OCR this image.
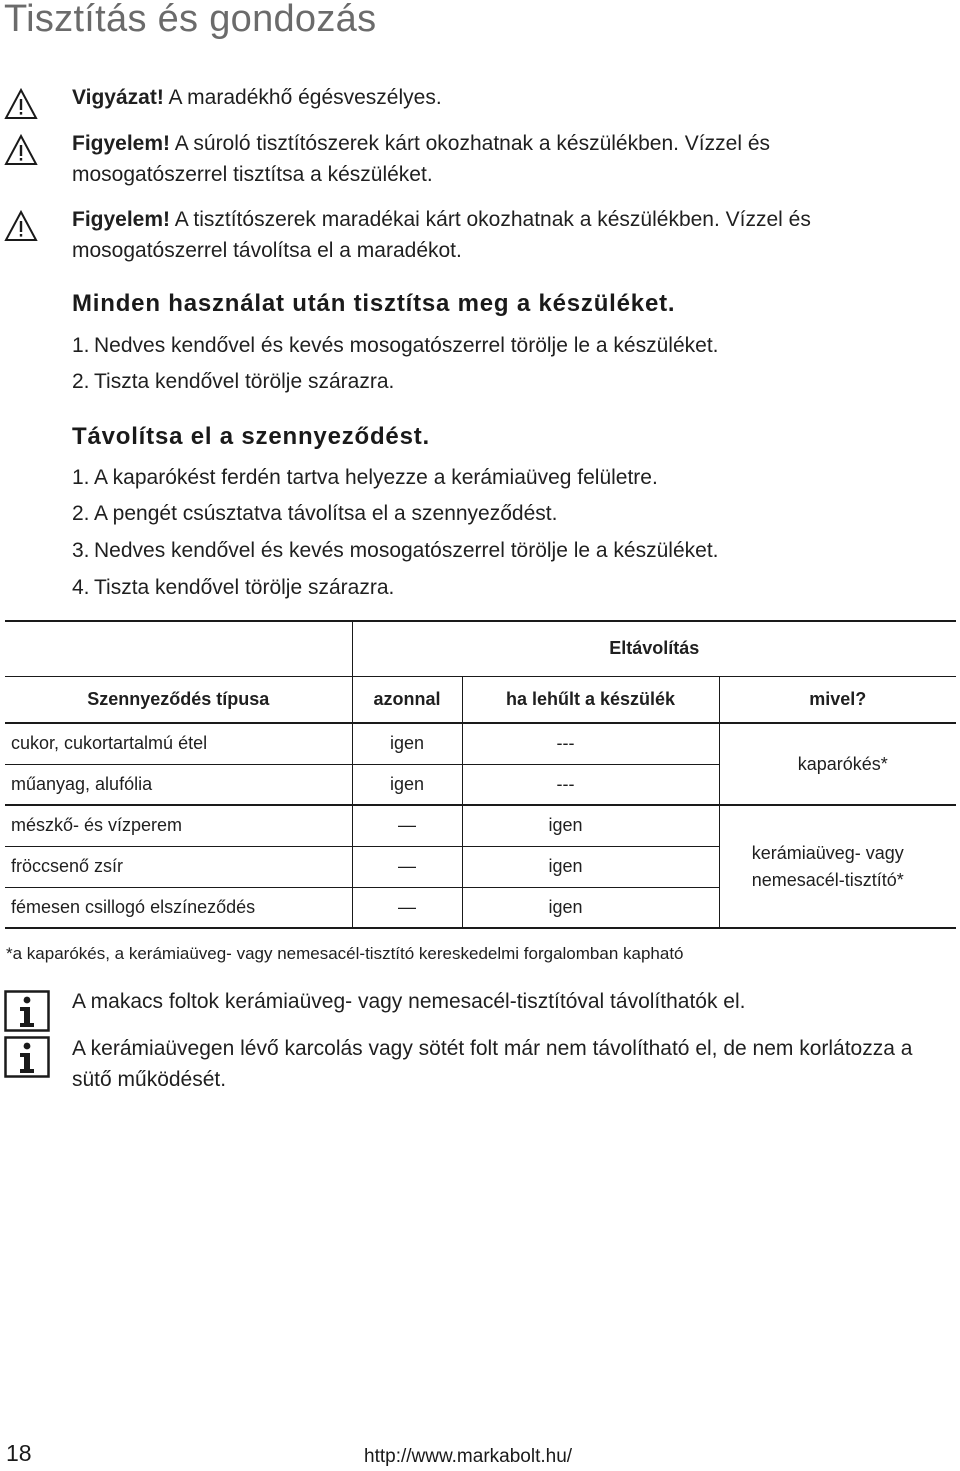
Tisztítás és gondozás
Vigyázat! A maradékhő égésveszélyes.
Figyelem! A súroló tisztítószerek kárt okozhatnak a készülékben. Vízzel és mosogatószerrel tisztítsa a készüléket.
Figyelem! A tisztítószerek maradékai kárt okozhatnak a készülékben. Vízzel és mosogatószerrel távolítsa el a maradékot.
Minden használat után tisztítsa meg a készüléket.
1. Nedves kendővel és kevés mosogatószerrel törölje le a készüléket.
2. Tiszta kendővel törölje szárazra.
Távolítsa el a szennyeződést.
1. A kaparókést ferdén tartva helyezze a kerámiaüveg felületre.
2. A pengét csúsztatva távolítsa el a szennyeződést.
3. Nedves kendővel és kevés mosogatószerrel törölje le a készüléket.
4. Tiszta kendővel törölje szárazra.
	Eltávolítás		
Szennyeződés típusa	azonnal	ha lehűlt a készülék	mivel?
cukor, cukortartalmú étel	igen	---	kaparókés*
műanyag, alufólia	igen	---	
mészkő- és vízperem	—	igen	kerámiaüveg- vagy
nemesacél-tisztító*

fröccsenő zsír	—	igen	
fémesen csillogó elszíneződés	—	igen	
*a kaparókés, a kerámiaüveg- vagy nemesacél-tisztító kereskedelmi forgalomban kapható
A makacs foltok kerámiaüveg- vagy nemesacél-tisztítóval távolíthatók el.
A kerámiaüvegen lévő karcolás vagy sötét folt már nem távolítható el, de nem korlátozza a sütő működését.
18	http://www.markabolt.hu/
